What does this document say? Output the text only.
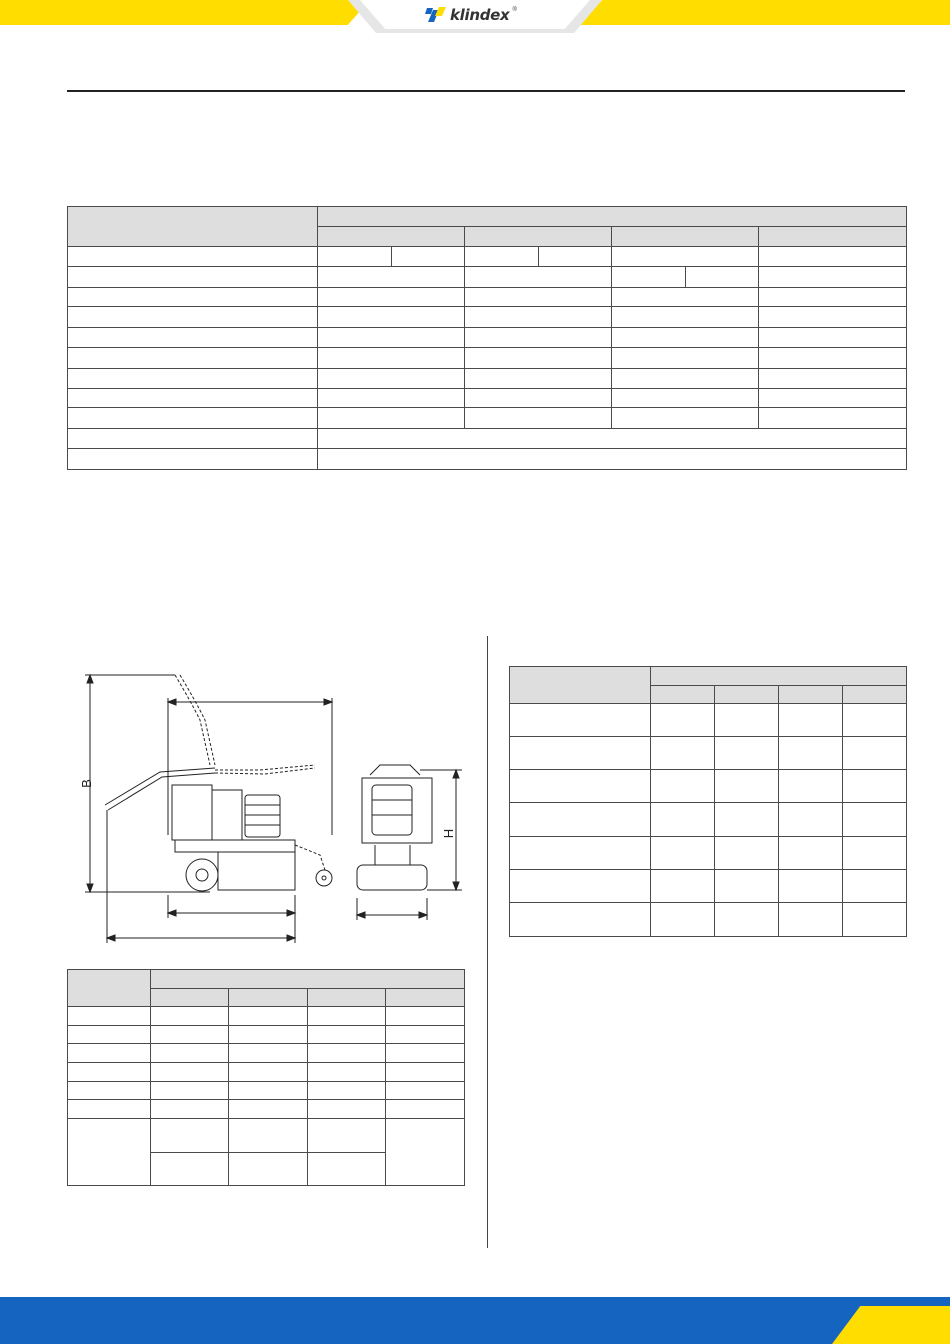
klindex ®

B
H
